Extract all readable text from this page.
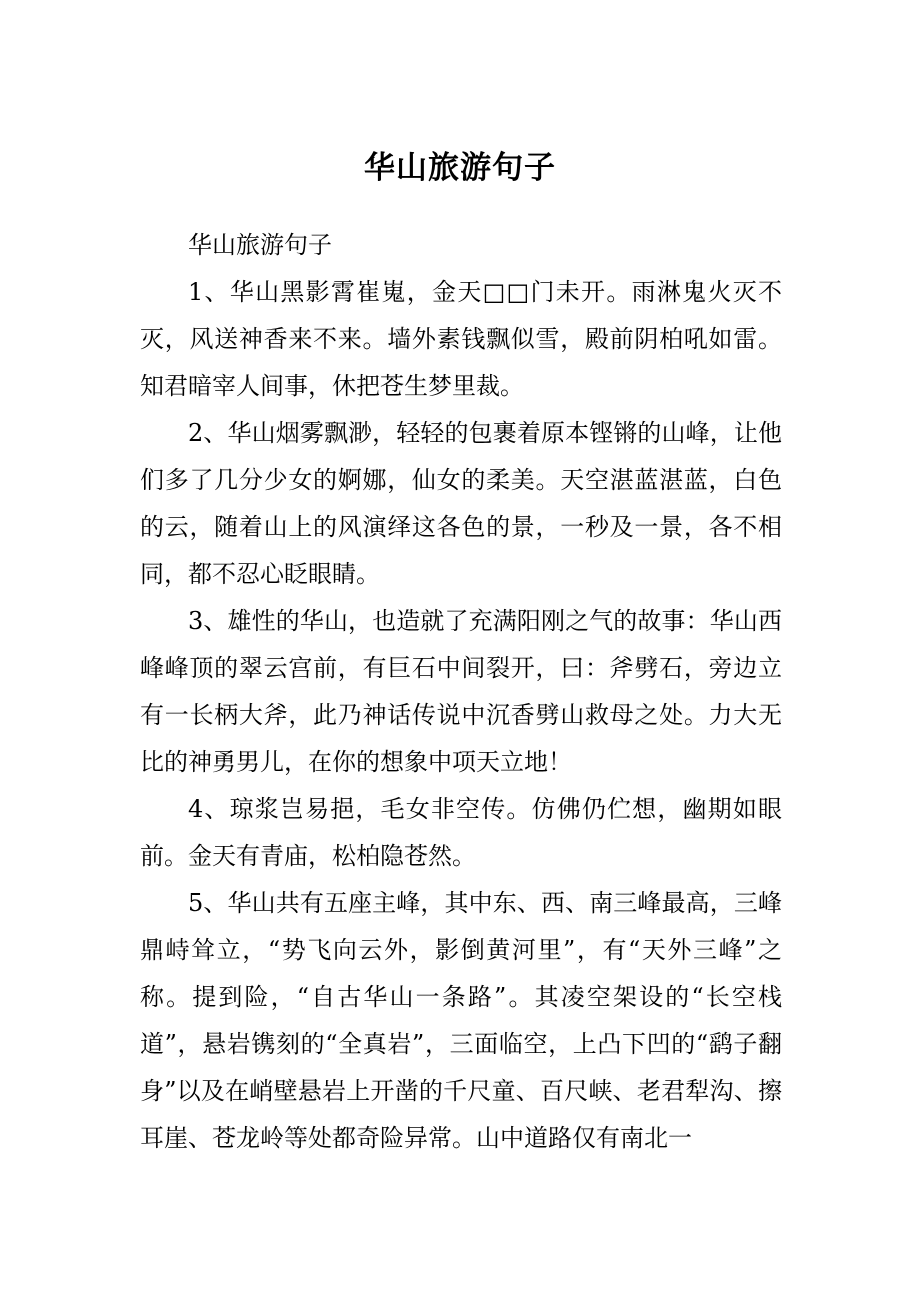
华山旅游句子

华山旅游句子

1、华山黑影霄崔嵬，金天□□门未开。雨淋鬼火灭不灭，风送神香来不来。墙外素钱飘似雪，殿前阴柏吼如雷。知君暗宰人间事，休把苍生梦里裁。

2、华山烟雾飘渺，轻轻的包裹着原本铿锵的山峰，让他们多了几分少女的婀娜，仙女的柔美。天空湛蓝湛蓝，白色的云，随着山上的风演绎这各色的景，一秒及一景，各不相同，都不忍心眨眼睛。

3、雄性的华山，也造就了充满阳刚之气的故事：华山西峰峰顶的翠云宫前，有巨石中间裂开，曰：斧劈石，旁边立有一长柄大斧，此乃神话传说中沉香劈山救母之处。力大无比的神勇男儿，在你的想象中项天立地！

4、琼浆岂易挹，毛女非空传。仿佛仍伫想，幽期如眼前。金天有青庙，松柏隐苍然。

5、华山共有五座主峰，其中东、西、南三峰最高，三峰鼎峙耸立，“势飞向云外，影倒黄河里”，有“天外三峰”之称。提到险，“自古华山一条路”。其凌空架设的“长空栈道”，悬岩镌刻的“全真岩”，三面临空，上凸下凹的“鹞子翻身”以及在峭壁悬岩上开凿的千尺童、百尺峡、老君犁沟、擦耳崖、苍龙岭等处都奇险异常。山中道路仅有南北一
